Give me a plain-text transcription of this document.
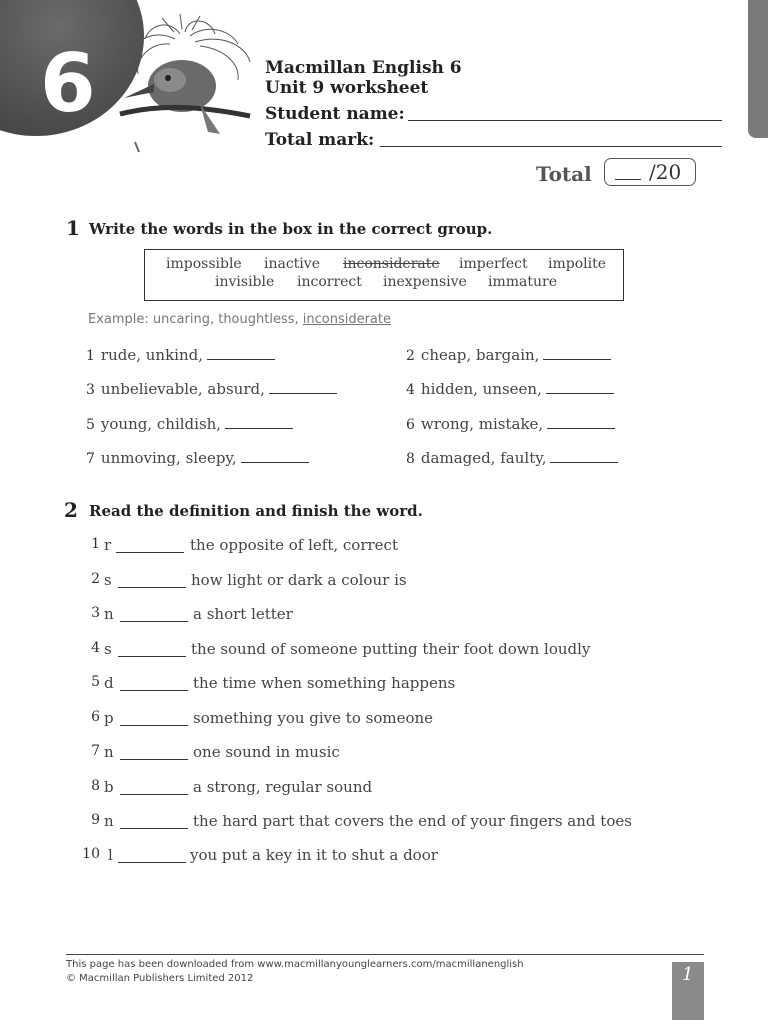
6	Macmillan English 6
Unit 9 worksheet
Student name:
Total mark:
Total	/20
1 Write the words in the box in the correct group.
impossible inactive inconsiderate imperfect impolite
invisible incorrect inexpensive immature
Example: uncaring, thoughtless, inconsiderate
1 rude, unkind,	2 cheap, bargain,
3 unbelievable, absurd,	4 hidden, unseen,
5 young, childish,	6 wrong, mistake,
7 unmoving, sleepy,	8 damaged, faulty,
2 Read the definition and finish the word.
1 r	the opposite of left, correct
2 s	how light or dark a colour is
3 n	a short letter
4 s	the sound of someone putting their foot down loudly
5 d	the time when something happens
6 p	something you give to someone
7 n	one sound in music
8 b	a strong, regular sound
9 n	the hard part that covers the end of your fingers and toes
10 l	you put a key in it to shut a door
This page has been downloaded from www.macmillanyounglearners.com/macmillanenglish
© Macmillan Publishers Limited 2012	1
